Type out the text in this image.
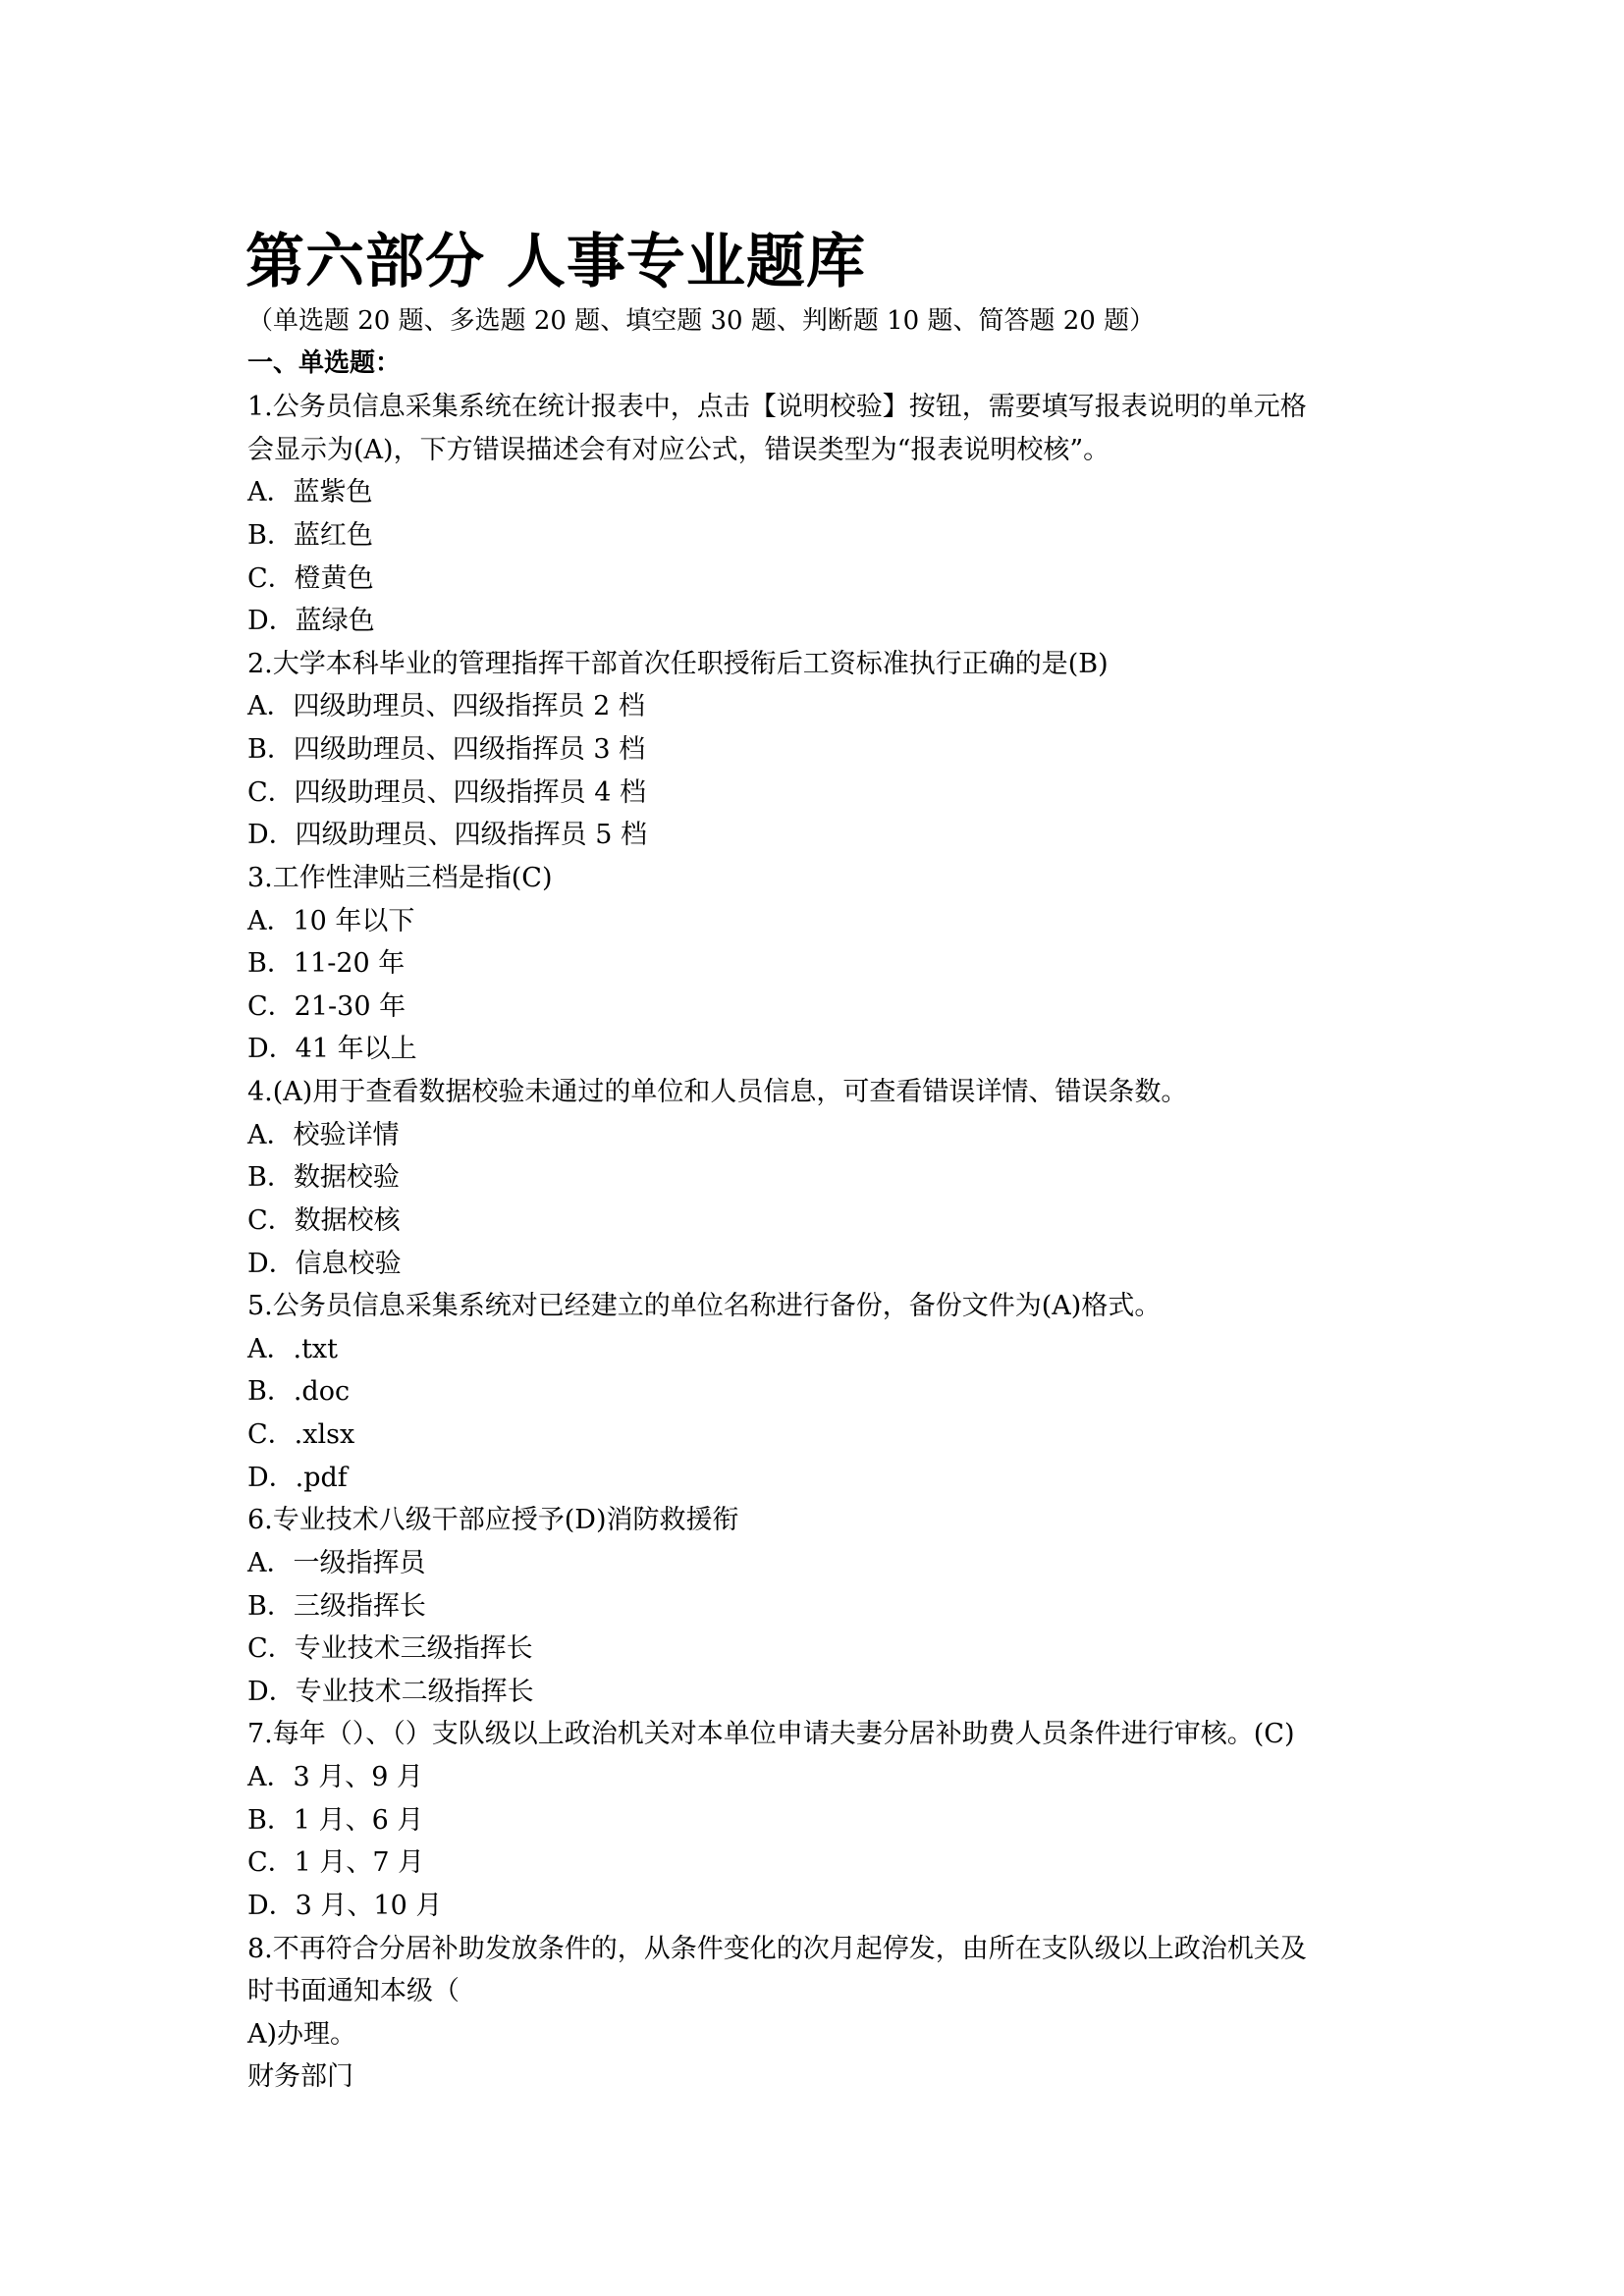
第六部分 人事专业题库
（单选题 20 题、多选题 20 题、填空题 30 题、判断题 10 题、简答题 20 题）
一、单选题：
1.公务员信息采集系统在统计报表中，点击【说明校验】按钮，需要填写报表说明的单元格
会显示为(A)，下方错误描述会有对应公式，错误类型为“报表说明校核”。
A．蓝紫色
B．蓝红色
C．橙黄色
D．蓝绿色
2.大学本科毕业的管理指挥干部首次任职授衔后工资标准执行正确的是(B)
A．四级助理员、四级指挥员 2 档
B．四级助理员、四级指挥员 3 档
C．四级助理员、四级指挥员 4 档
D．四级助理员、四级指挥员 5 档
3.工作性津贴三档是指(C)
A．10 年以下
B．11-20 年
C．21-30 年
D．41 年以上
4.(A)用于查看数据校验未通过的单位和人员信息，可查看错误详情、错误条数。
A．校验详情
B．数据校验
C．数据校核
D．信息校验
5.公务员信息采集系统对已经建立的单位名称进行备份，备份文件为(A)格式。
A．.txt
B．.doc
C．.xlsx
D．.pdf
6.专业技术八级干部应授予(D)消防救援衔
A．一级指挥员
B．三级指挥长
C．专业技术三级指挥长
D．专业技术二级指挥长
7.每年（）、（）支队级以上政治机关对本单位申请夫妻分居补助费人员条件进行审核。(C)
A．3 月、9 月
B．1 月、6 月
C．1 月、7 月
D．3 月、10 月
8.不再符合分居补助发放条件的，从条件变化的次月起停发，由所在支队级以上政治机关及
时书面通知本级（
A)办理。
财务部门
